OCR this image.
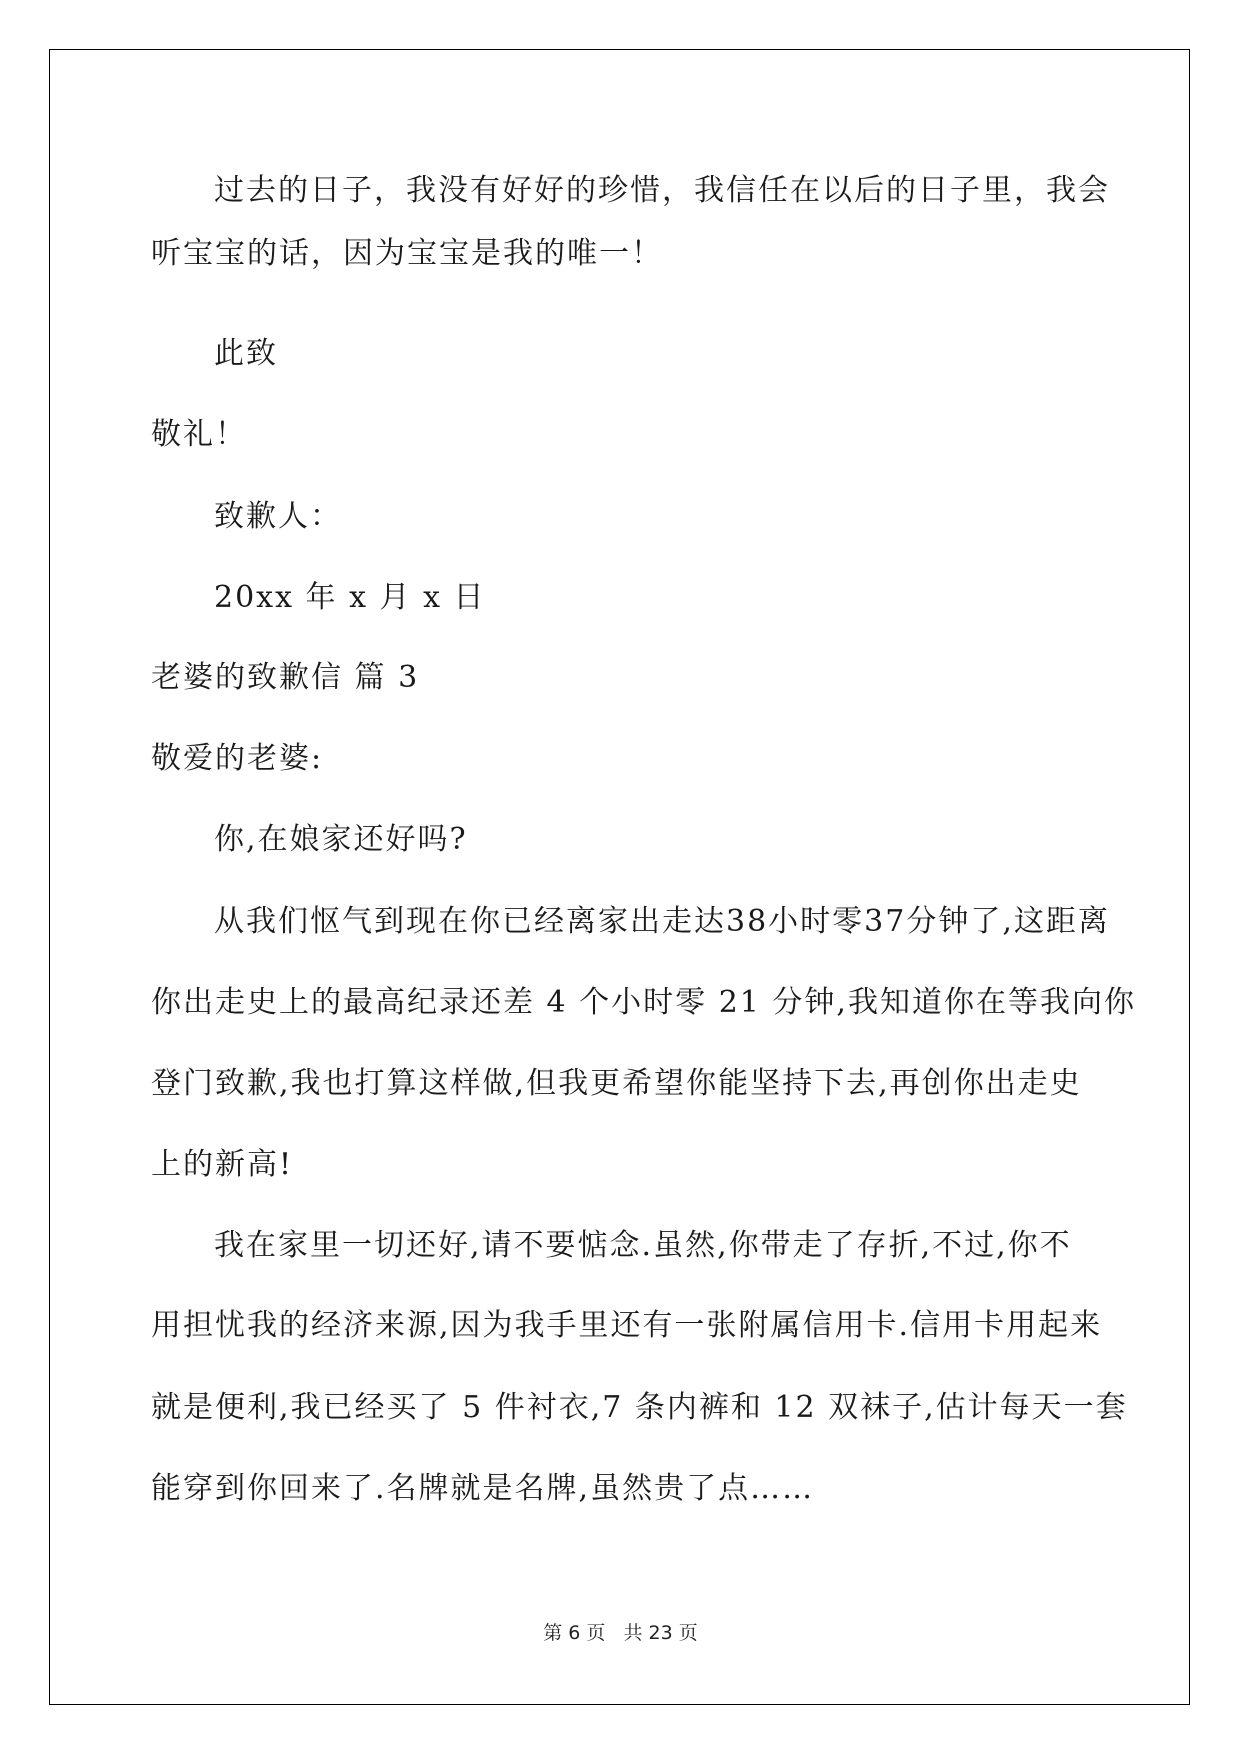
过去的日子，我没有好好的珍惜，我信任在以后的日子里，我会
听宝宝的话，因为宝宝是我的唯一！
此致
敬礼！
致歉人：
20xx 年 x 月 x 日
老婆的致歉信 篇 3
敬爱的老婆:
你,在娘家还好吗?
从我们怄气到现在你已经离家出走达38小时零37分钟了,这距离
你出走史上的最高纪录还差 4 个小时零 21 分钟,我知道你在等我向你
登门致歉,我也打算这样做,但我更希望你能坚持下去,再创你出走史
上的新高!
我在家里一切还好,请不要惦念.虽然,你带走了存折,不过,你不
用担忧我的经济来源,因为我手里还有一张附属信用卡.信用卡用起来
就是便利,我已经买了 5 件衬衣,7 条内裤和 12 双袜子,估计每天一套
能穿到你回来了.名牌就是名牌,虽然贵了点……
第 6 页 共 23 页
